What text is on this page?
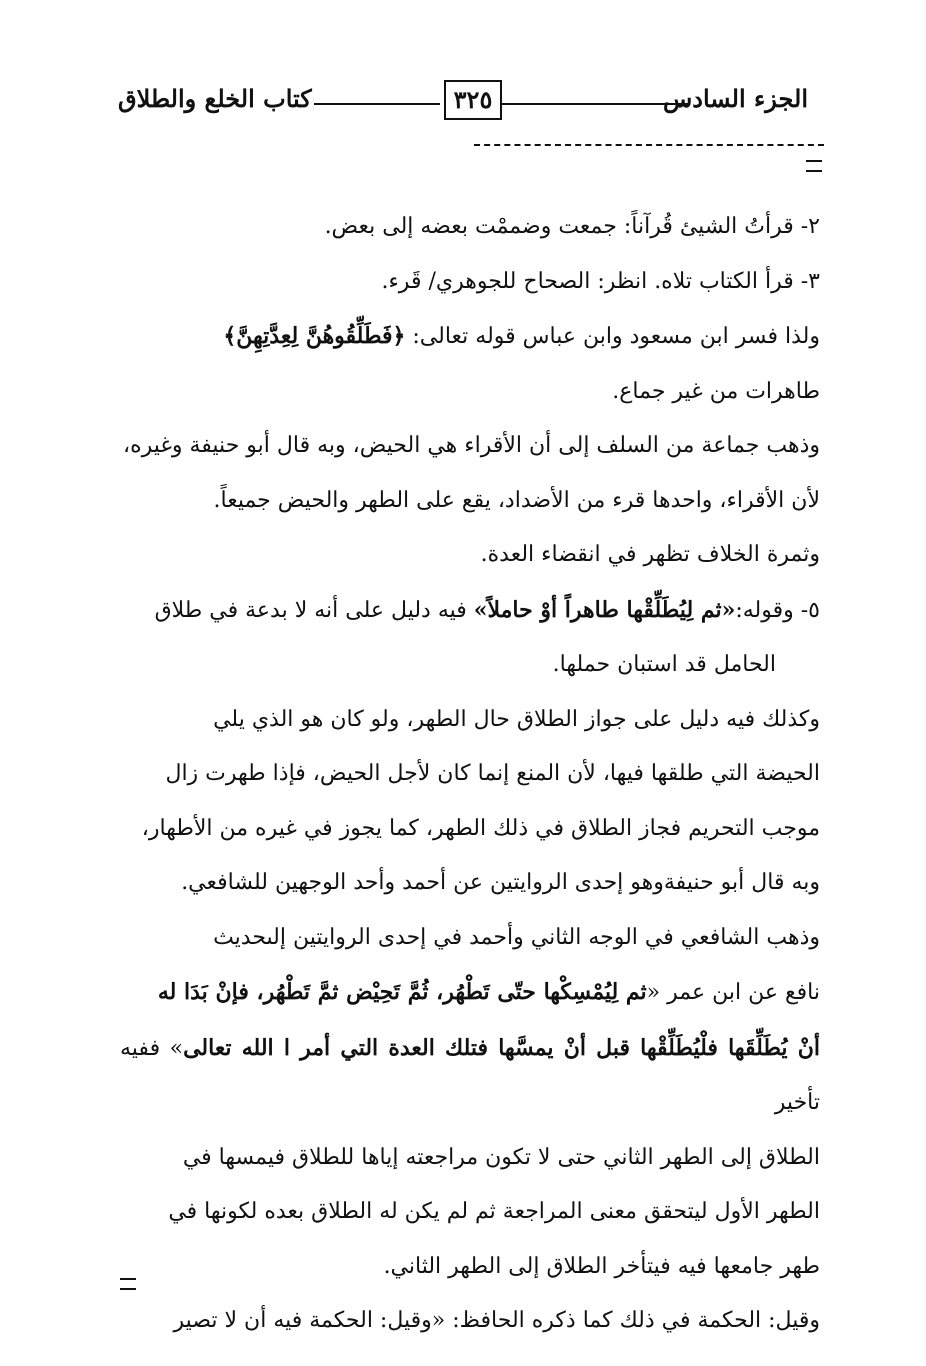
الجزء السادس
٣٢٥
كتاب الخلع والطلاق

٢- قرأتُ الشيئ قُرآناً: جمعت وضممْت بعضه إلى بعض.

٣- قرأ الكتاب تلاه. انظر: الصحاح للجوهري/ قَرء.

ولذا فسر ابن مسعود وابن عباس قوله تعالى: ﴿فَطَلِّقُوهُنَّ لِعِدَّتِهِنَّ﴾

طاهرات من غير جماع.

وذهب جماعة من السلف إلى أن الأقراء هي الحيض، وبه قال أبو حنيفة وغيره،

لأن الأقراء، واحدها قرء من الأضداد، يقع على الطهر والحيض جميعاً.

وثمرة الخلاف تظهر في انقضاء العدة.

٥- وقوله:«ثم لِيُطَلِّقْها طاهراً أوْ حاملاً» فيه دليل على أنه لا بدعة في طلاق

الحامل قد استبان حملها.

وكذلك فيه دليل على جواز الطلاق حال الطهر، ولو كان هو الذي يلي

الحيضة التي طلقها فيها، لأن المنع إنما كان لأجل الحيض، فإذا طهرت زال

موجب التحريم فجاز الطلاق في ذلك الطهر، كما يجوز في غيره من الأطهار،

وبه قال أبو حنيفةوهو إحدى الروايتين عن أحمد وأحد الوجهين للشافعي.

وذهب الشافعي في الوجه الثاني وأحمد في إحدى الروايتين إلىحديث

نافع عن ابن عمر «ثم لِيُمْسِكْها حتّى تَطْهُر، ثُمَّ تَحِيْض ثمَّ تَطْهُر، فإنْ بَدَا له

أنْ يُطَلِّقَها فلْيُطَلِّقْها قبل أنْ يمسَّها فتلك العدة التي أمر ا الله تعالى» ففيه تأخير

الطلاق إلى الطهر الثاني حتى لا تكون مراجعته إياها للطلاق فيمسها في

الطهر الأول ليتحقق معنى المراجعة ثم لم يكن له الطلاق بعده لكونها في

طهر جامعها فيه فيتأخر الطلاق إلى الطهر الثاني.

وقيل: الحكمة في ذلك كما ذكره الحافظ: «وقيل: الحكمة فيه أن لا تصير
